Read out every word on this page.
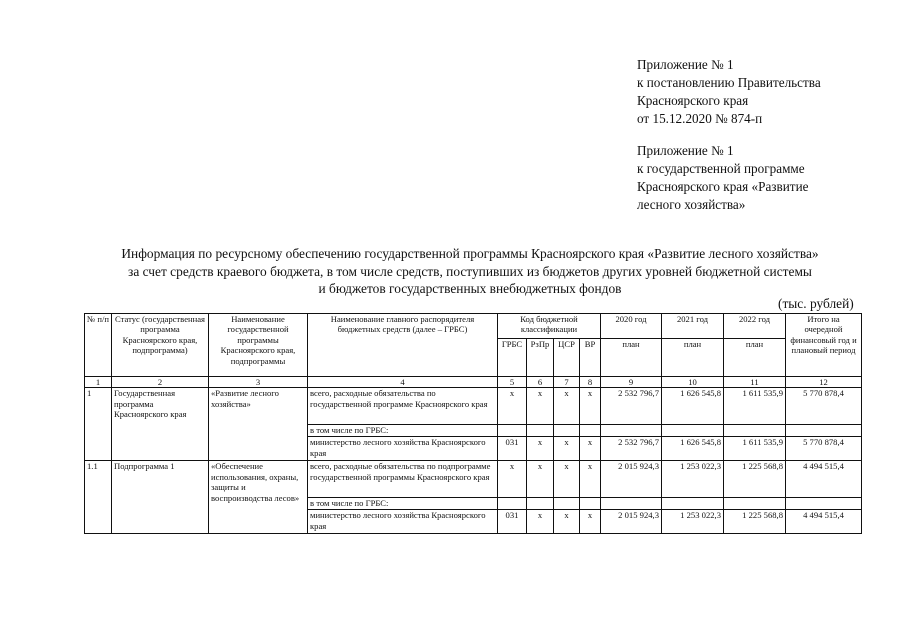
Приложение № 1
к постановлению Правительства
Красноярского края
от 15.12.2020 № 874-п
Приложение № 1
к государственной программе
Красноярского края «Развитие
лесного хозяйства»
Информация по ресурсному обеспечению государственной программы Красноярского края «Развитие лесного хозяйства»
за счет средств краевого бюджета, в том числе средств, поступивших из бюджетов других уровней бюджетной системы
и бюджетов государственных внебюджетных фондов
(тыс. рублей)
№ п/п	Статус (государственная программа Красноярского края, подпрограмма)	Наименование государственной программы Красноярского края, подпрограммы	Наименование главного распорядителя бюджетных средств (далее – ГРБС)	Код бюджетной классификации				2020 год	2021 год	2022 год	Итого на очередной финансовый год и плановый период
				ГРБС	РзПр	ЦСР	ВР	план	план	план	
1	2	3	4	5	6	7	8	9	10	11	12
1	Государственная программа Красноярского края	«Развитие лесного хозяйства»	всего, расходные обязательства по государственной программе Красноярского края	x	x	x	x	2 532 796,7	1 626 545,8	1 611 535,9	5 770 878,4
			в том числе по ГРБС:								
			министерство лесного хозяйства Красноярского края	031	x	x	x	2 532 796,7	1 626 545,8	1 611 535,9	5 770 878,4
1.1	Подпрограмма 1	«Обеспечение использования, охраны, защиты и воспроизводства лесов»	всего, расходные обязательства по подпрограмме государственной программы Красноярского края	x	x	x	x	2 015 924,3	1 253 022,3	1 225 568,8	4 494 515,4
			в том числе по ГРБС:								
			министерство лесного хозяйства Красноярского края	031	x	x	x	2 015 924,3	1 253 022,3	1 225 568,8	4 494 515,4
